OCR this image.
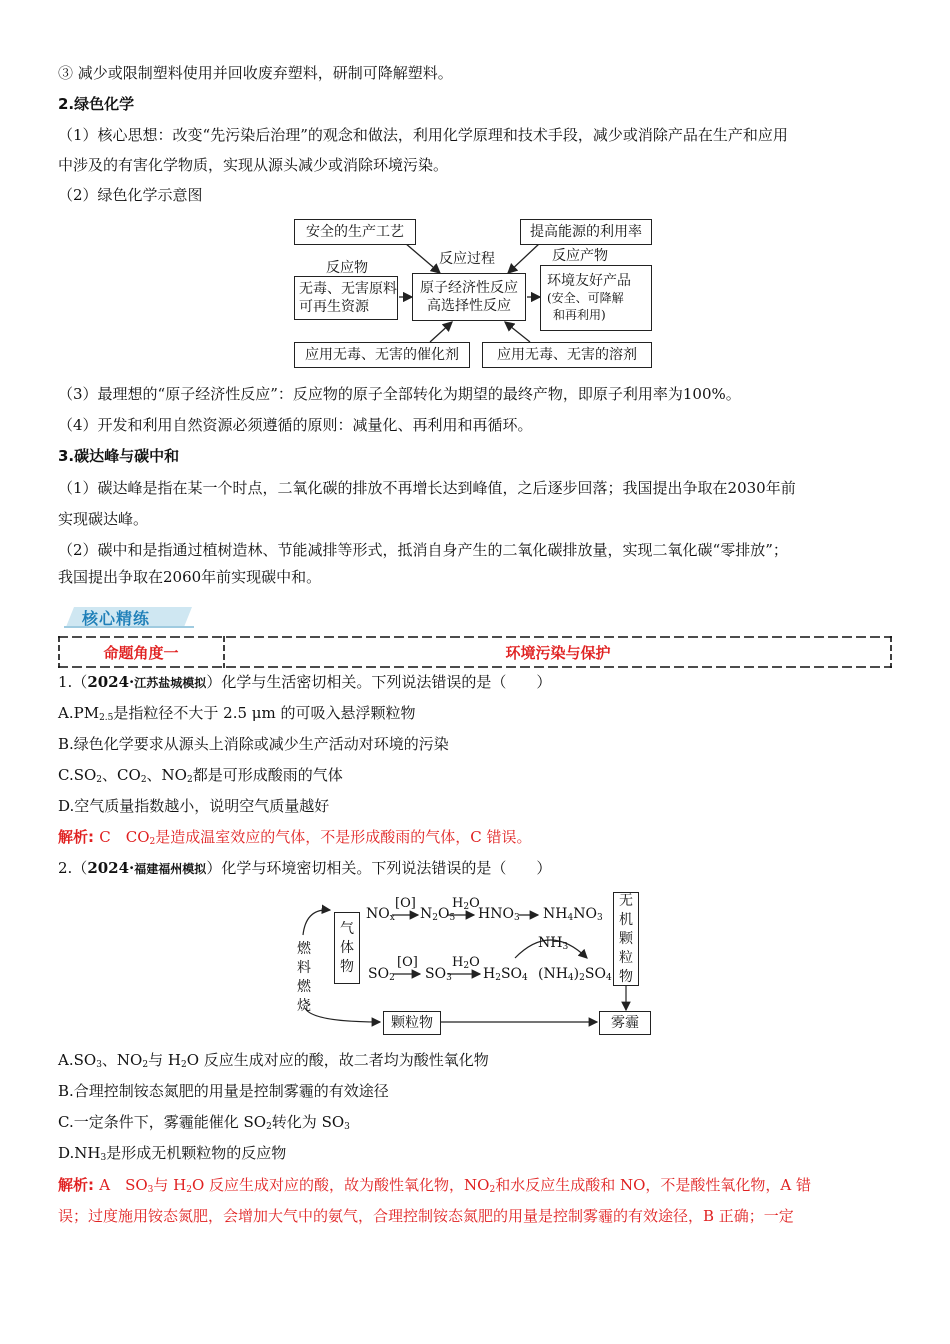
③ 减少或限制塑料使用并回收废弃塑料，研制可降解塑料。
2.绿色化学
（1）核心思想：改变“先污染后治理”的观念和做法，利用化学原理和技术手段，减少或消除产品在生产和应用
中涉及的有害化学物质，实现从源头减少或消除环境污染。
（2）绿色化学示意图
安全的生产工艺	提高能源的利用率
反应过程
反应物
反应产物
无毒、无害原料
可再生资源
原子经济性反应
高选择性反应
环境友好产品
(安全、可降解
和再利用)
应用无毒、无害的催化剂	应用无毒、无害的溶剂
（3）最理想的“原子经济性反应”：反应物的原子全部转化为期望的最终产物，即原子利用率为100%。
（4）开发和利用自然资源必须遵循的原则：减量化、再利用和再循环。
3.碳达峰与碳中和
（1）碳达峰是指在某一个时点，二氧化碳的排放不再增长达到峰值，之后逐步回落；我国提出争取在2030年前
实现碳达峰。
（2）碳中和是指通过植树造林、节能减排等形式，抵消自身产生的二氧化碳排放量，实现二氧化碳“零排放”；
我国提出争取在2060年前实现碳中和。
核心精练
命题角度一	环境污染与保护
1.（2024·江苏盐城模拟）化学与生活密切相关。下列说法错误的是（　　）
$A.PM_{2.5}$是指粒径不大于 2.5 μm 的可吸入悬浮颗粒物
B.绿色化学要求从源头上消除或减少生产活动对环境的污染
$C.SO_2$、$CO_2$、$NO_2$都是可形成酸雨的气体
D.空气质量指数越小，说明空气质量越好
解析: C　$CO_2$是造成温室效应的气体，不是形成酸雨的气体，C 错误。
2.（2024·福建福州模拟）化学与环境密切相关。下列说法错误的是（　　）
气体物
燃料燃烧
无机颗粒物
颗粒物	雾霾
$NO_x$
[O]
$N_2O_5$
$H_2O$
$HNO_3$ $NH_4NO_3$
$NH_3$
$SO_2$
[O]
$SO_3$
$H_2O$
$H_2SO_4$ $(NH_4)_2SO_4$
$A.SO_3$、$NO_2$与 $H_2O$ 反应生成对应的酸，故二者均为酸性氧化物
B.合理控制铵态氮肥的用量是控制雾霾的有效途径
C.一定条件下，雾霾能催化 $SO_2$转化为 $SO_3$
$D.NH_3$是形成无机颗粒物的反应物
解析: A　$SO_3$与 $H_2O$ 反应生成对应的酸，故为酸性氧化物，$NO_2$和水反应生成酸和 NO，不是酸性氧化物，A 错
误；过度施用铵态氮肥，会增加大气中的氨气，合理控制铵态氮肥的用量是控制雾霾的有效途径，B 正确；一定
